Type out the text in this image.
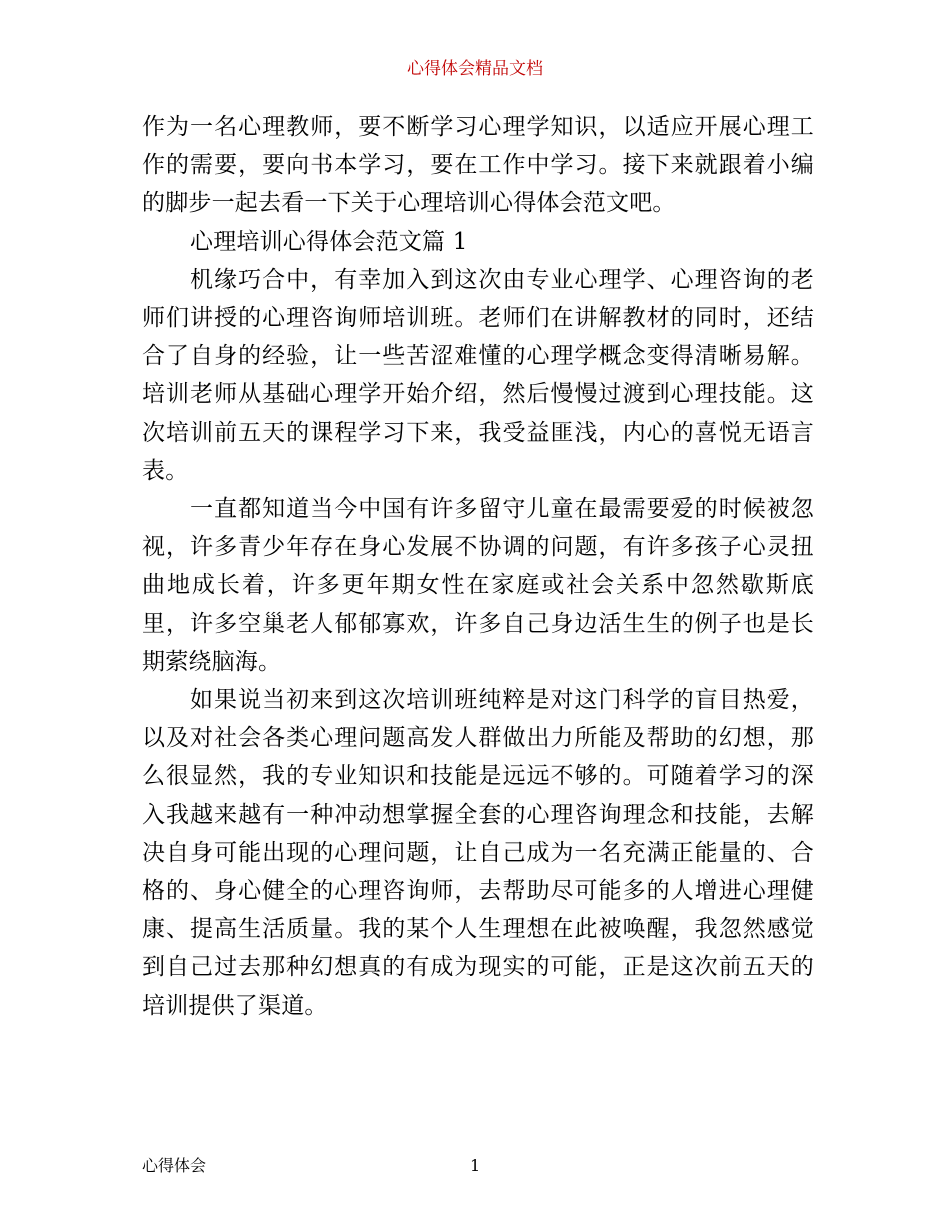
心得体会精品文档

作为一名心理教师，要不断学习心理学知识，以适应开展心理工作的需要，要向书本学习，要在工作中学习。接下来就跟着小编的脚步一起去看一下关于心理培训心得体会范文吧。

心理培训心得体会范文篇 1

机缘巧合中，有幸加入到这次由专业心理学、心理咨询的老师们讲授的心理咨询师培训班。老师们在讲解教材的同时，还结合了自身的经验，让一些苦涩难懂的心理学概念变得清晰易解。培训老师从基础心理学开始介绍，然后慢慢过渡到心理技能。这次培训前五天的课程学习下来，我受益匪浅，内心的喜悦无语言表。

一直都知道当今中国有许多留守儿童在最需要爱的时候被忽视，许多青少年存在身心发展不协调的问题，有许多孩子心灵扭曲地成长着，许多更年期女性在家庭或社会关系中忽然歇斯底里，许多空巢老人郁郁寡欢，许多自己身边活生生的例子也是长期萦绕脑海。

如果说当初来到这次培训班纯粹是对这门科学的盲目热爱，以及对社会各类心理问题高发人群做出力所能及帮助的幻想，那么很显然，我的专业知识和技能是远远不够的。可随着学习的深入我越来越有一种冲动想掌握全套的心理咨询理念和技能，去解决自身可能出现的心理问题，让自己成为一名充满正能量的、合格的、身心健全的心理咨询师，去帮助尽可能多的人增进心理健康、提高生活质量。我的某个人生理想在此被唤醒，我忽然感觉到自己过去那种幻想真的有成为现实的可能，正是这次前五天的培训提供了渠道。

心得体会	1
